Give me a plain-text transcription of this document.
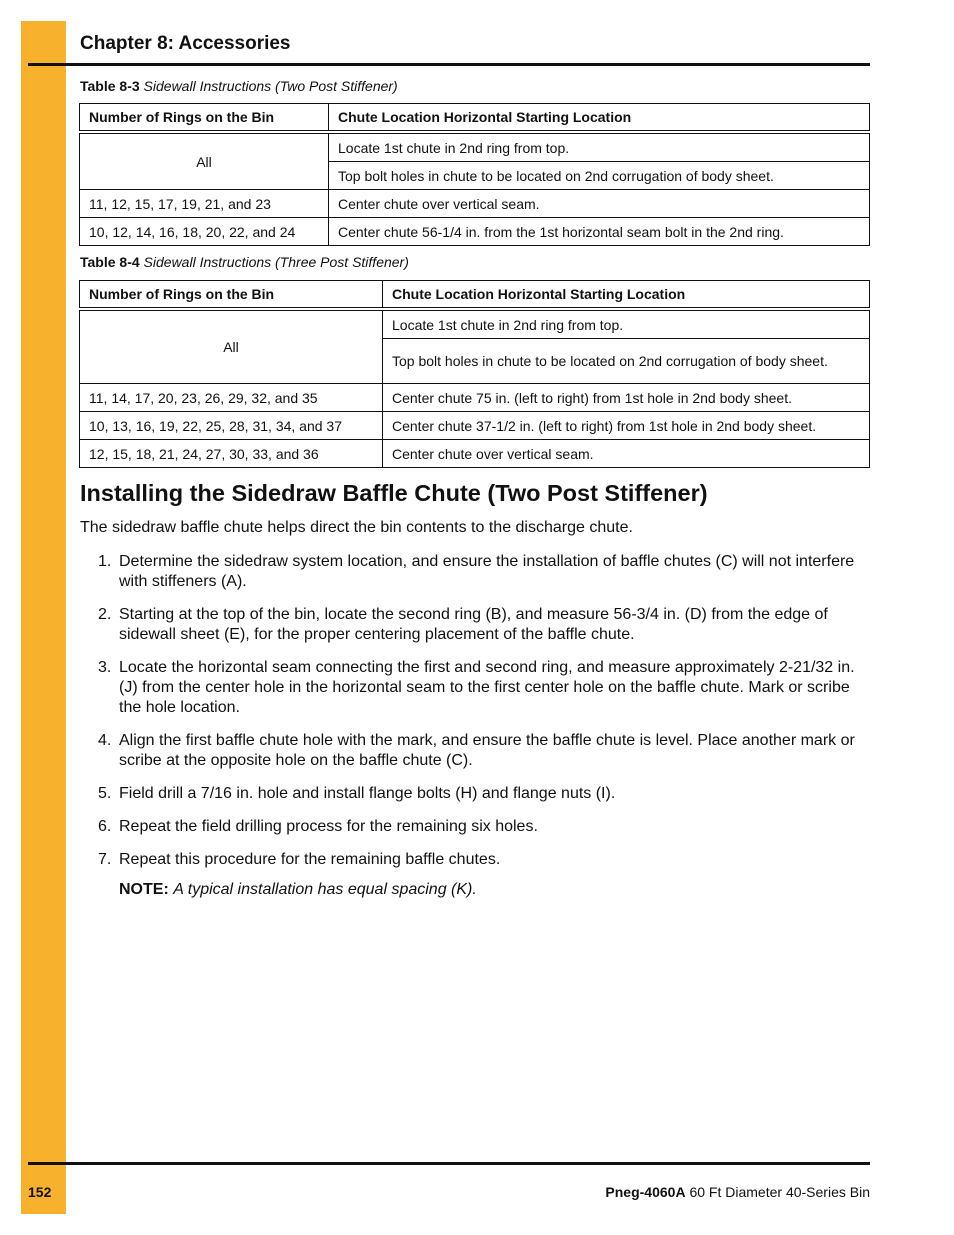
Chapter 8: Accessories
Table 8-3 Sidewall Instructions (Two Post Stiffener)
Number of Rings on the Bin	Chute Location Horizontal Starting Location
All	Locate 1st chute in 2nd ring from top.
	Top bolt holes in chute to be located on 2nd corrugation of body sheet.
11, 12, 15, 17, 19, 21, and 23	Center chute over vertical seam.
10, 12, 14, 16, 18, 20, 22, and 24	Center chute 56-1/4 in. from the 1st horizontal seam bolt in the 2nd ring.
Table 8-4 Sidewall Instructions (Three Post Stiffener)
Number of Rings on the Bin	Chute Location Horizontal Starting Location
All	Locate 1st chute in 2nd ring from top.
	Top bolt holes in chute to be located on 2nd corrugation of body sheet.
11, 14, 17, 20, 23, 26, 29, 32, and 35	Center chute 75 in. (left to right) from 1st hole in 2nd body sheet.
10, 13, 16, 19, 22, 25, 28, 31, 34, and 37	Center chute 37-1/2 in. (left to right) from 1st hole in 2nd body sheet.
12, 15, 18, 21, 24, 27, 30, 33, and 36	Center chute over vertical seam.
Installing the Sidedraw Baffle Chute (Two Post Stiffener)

The sidedraw baffle chute helps direct the bin contents to the discharge chute.

1. Determine the sidedraw system location, and ensure the installation of baffle chutes (C) will not interfere with stiffeners (A).
2. Starting at the top of the bin, locate the second ring (B), and measure 56-3/4 in. (D) from the edge of sidewall sheet (E), for the proper centering placement of the baffle chute.
3. Locate the horizontal seam connecting the first and second ring, and measure approximately 2-21/32 in. (J) from the center hole in the horizontal seam to the first center hole on the baffle chute. Mark or scribe the hole location.
4. Align the first baffle chute hole with the mark, and ensure the baffle chute is level. Place another mark or scribe at the opposite hole on the baffle chute (C).
5. Field drill a 7/16 in. hole and install flange bolts (H) and flange nuts (I).
6. Repeat the field drilling process for the remaining six holes.
7. Repeat this procedure for the remaining baffle chutes.
NOTE: A typical installation has equal spacing (K).
152	Pneg-4060A 60 Ft Diameter 40-Series Bin
